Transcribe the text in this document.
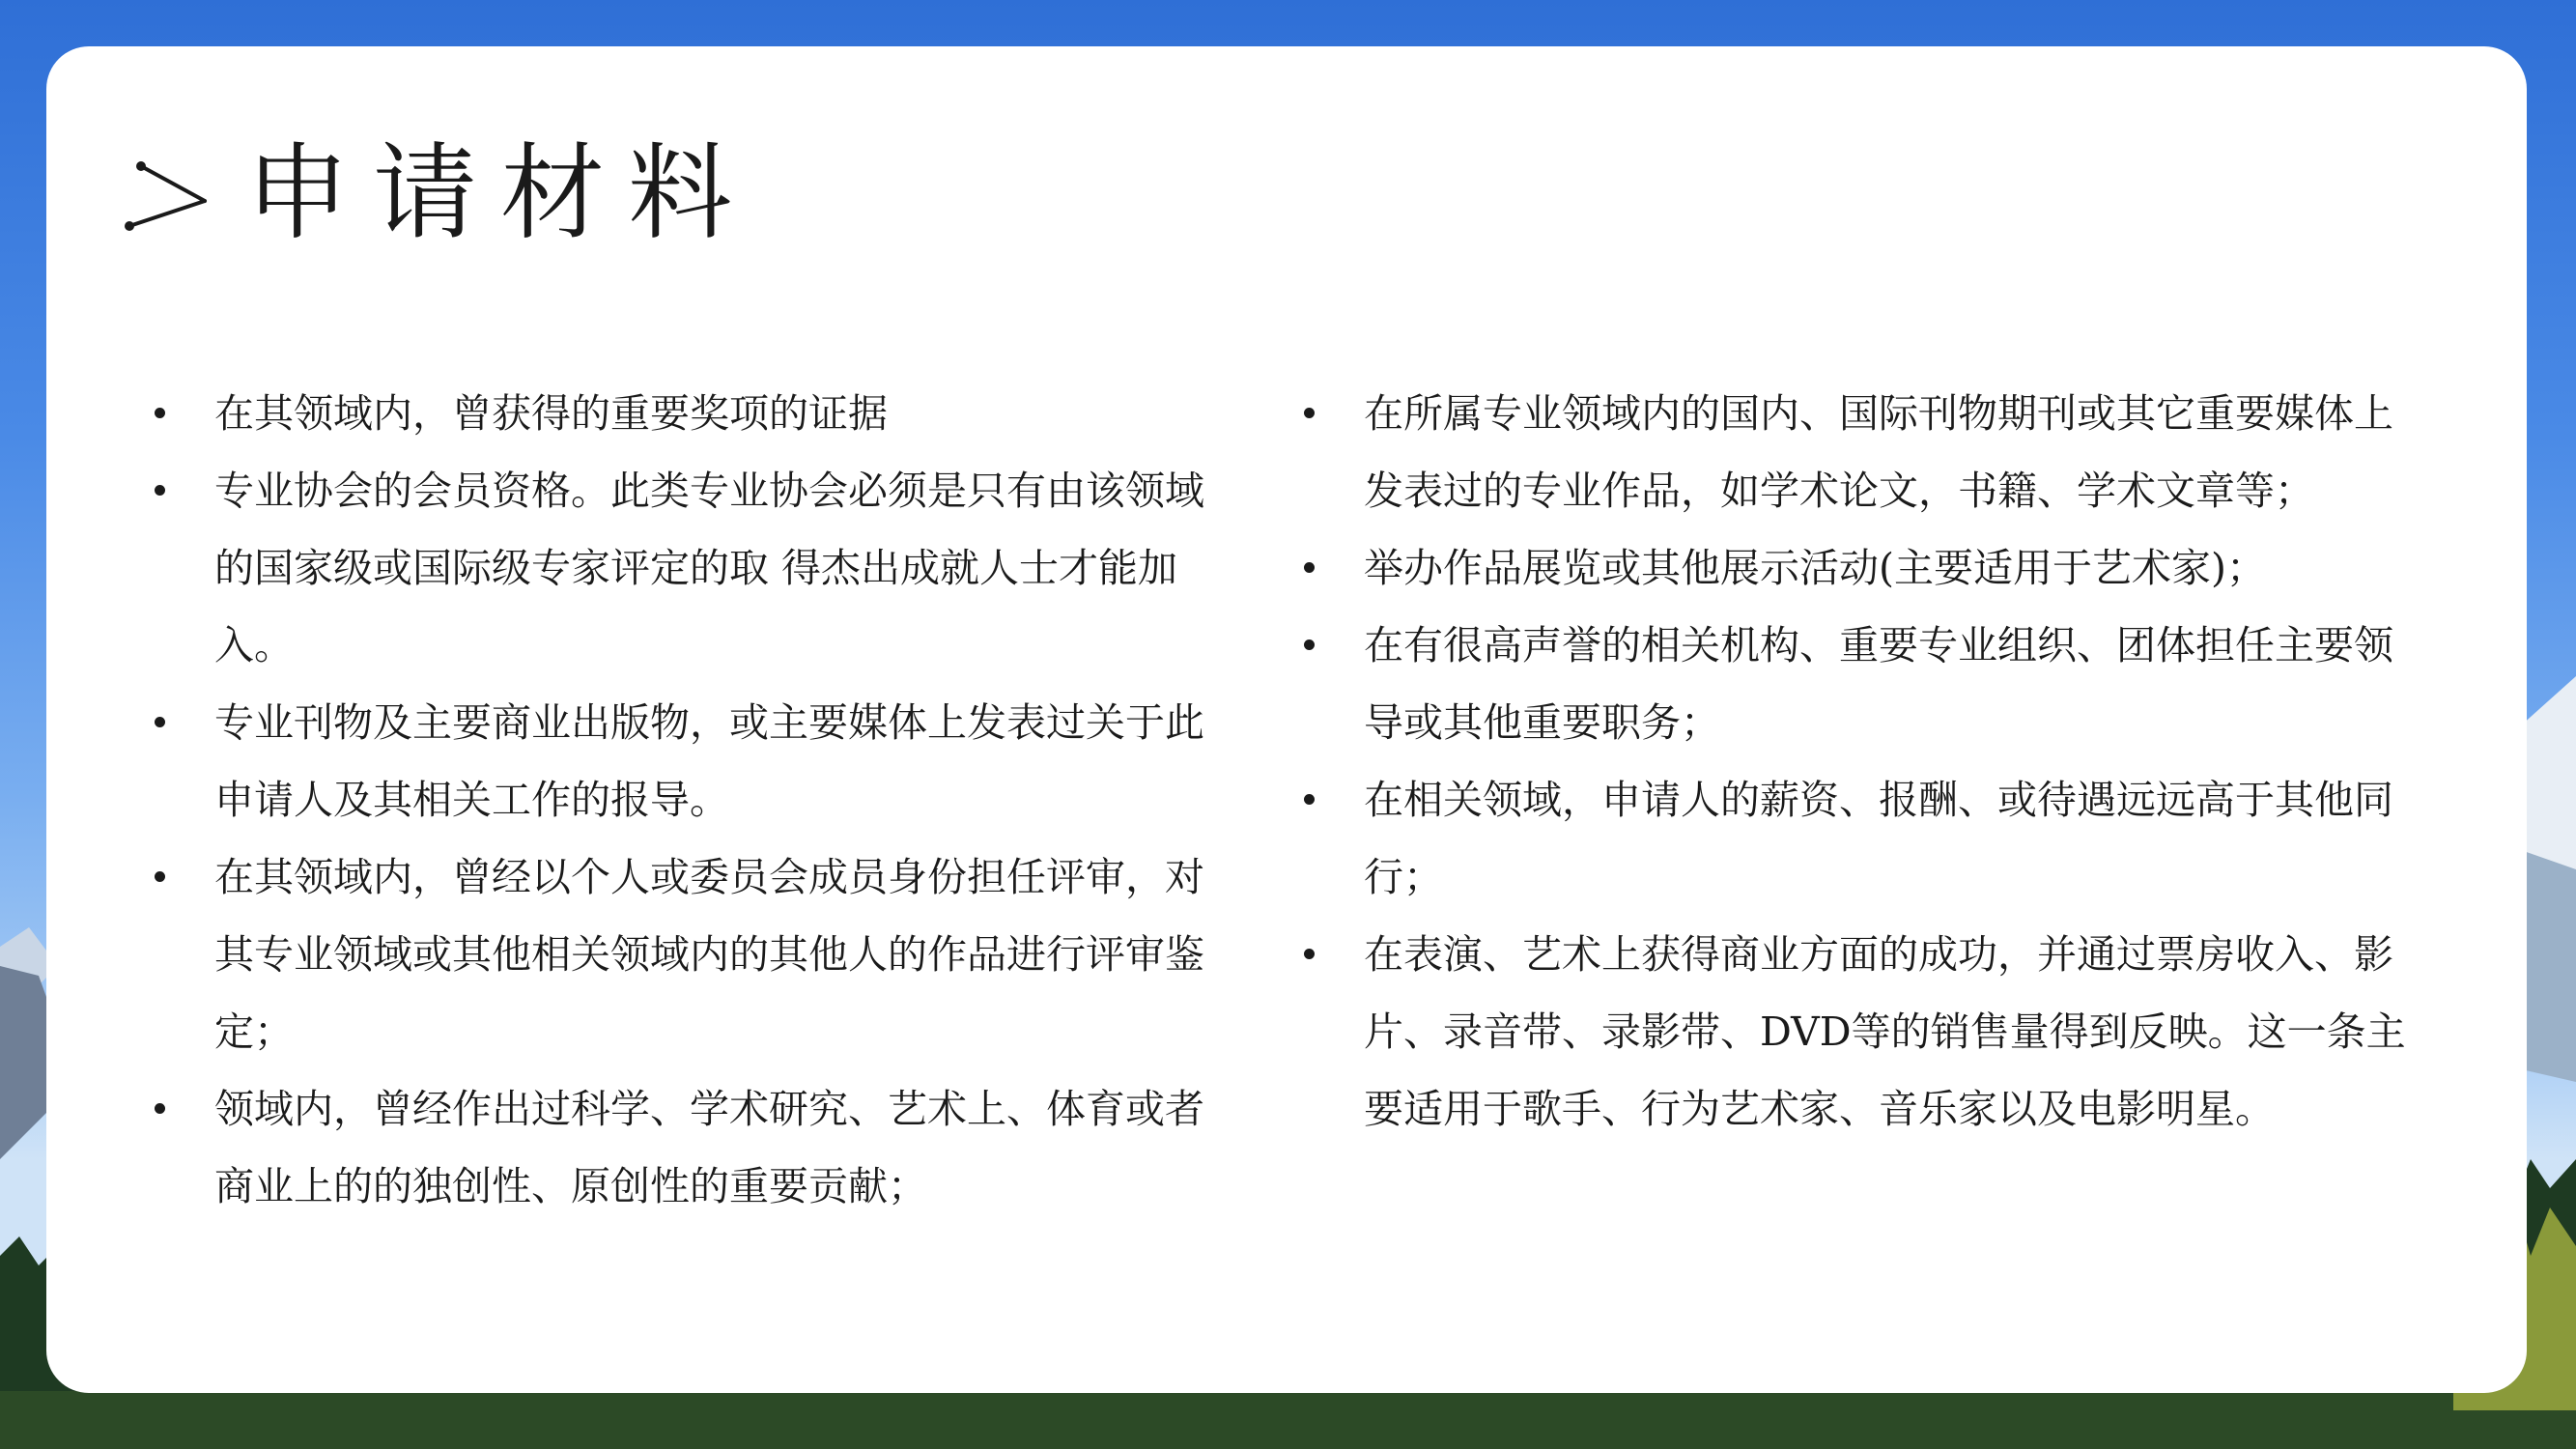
申请材料
在其领域内，曾获得的重要奖项的证据
专业协会的会员资格。此类专业协会必须是只有由该领域的国家级或国际级专家评定的取 得杰出成就人士才能加入。
专业刊物及主要商业出版物，或主要媒体上发表过关于此申请人及其相关工作的报导。
在其领域内，曾经以个人或委员会成员身份担任评审，对其专业领域或其他相关领域内的其他人的作品进行评审鉴定；
领域内，曾经作出过科学、学术研究、艺术上、体育或者商业上的的独创性、原创性的重要贡献；
在所属专业领域内的国内、国际刊物期刊或其它重要媒体上发表过的专业作品，如学术论文，书籍、学术文章等；
举办作品展览或其他展示活动(主要适用于艺术家)；
在有很高声誉的相关机构、重要专业组织、团体担任主要领导或其他重要职务；
在相关领域，申请人的薪资、报酬、或待遇远远高于其他同行；
在表演、艺术上获得商业方面的成功，并通过票房收入、影片、录音带、录影带、DVD等的销售量得到反映。这一条主要适用于歌手、行为艺术家、音乐家以及电影明星。
